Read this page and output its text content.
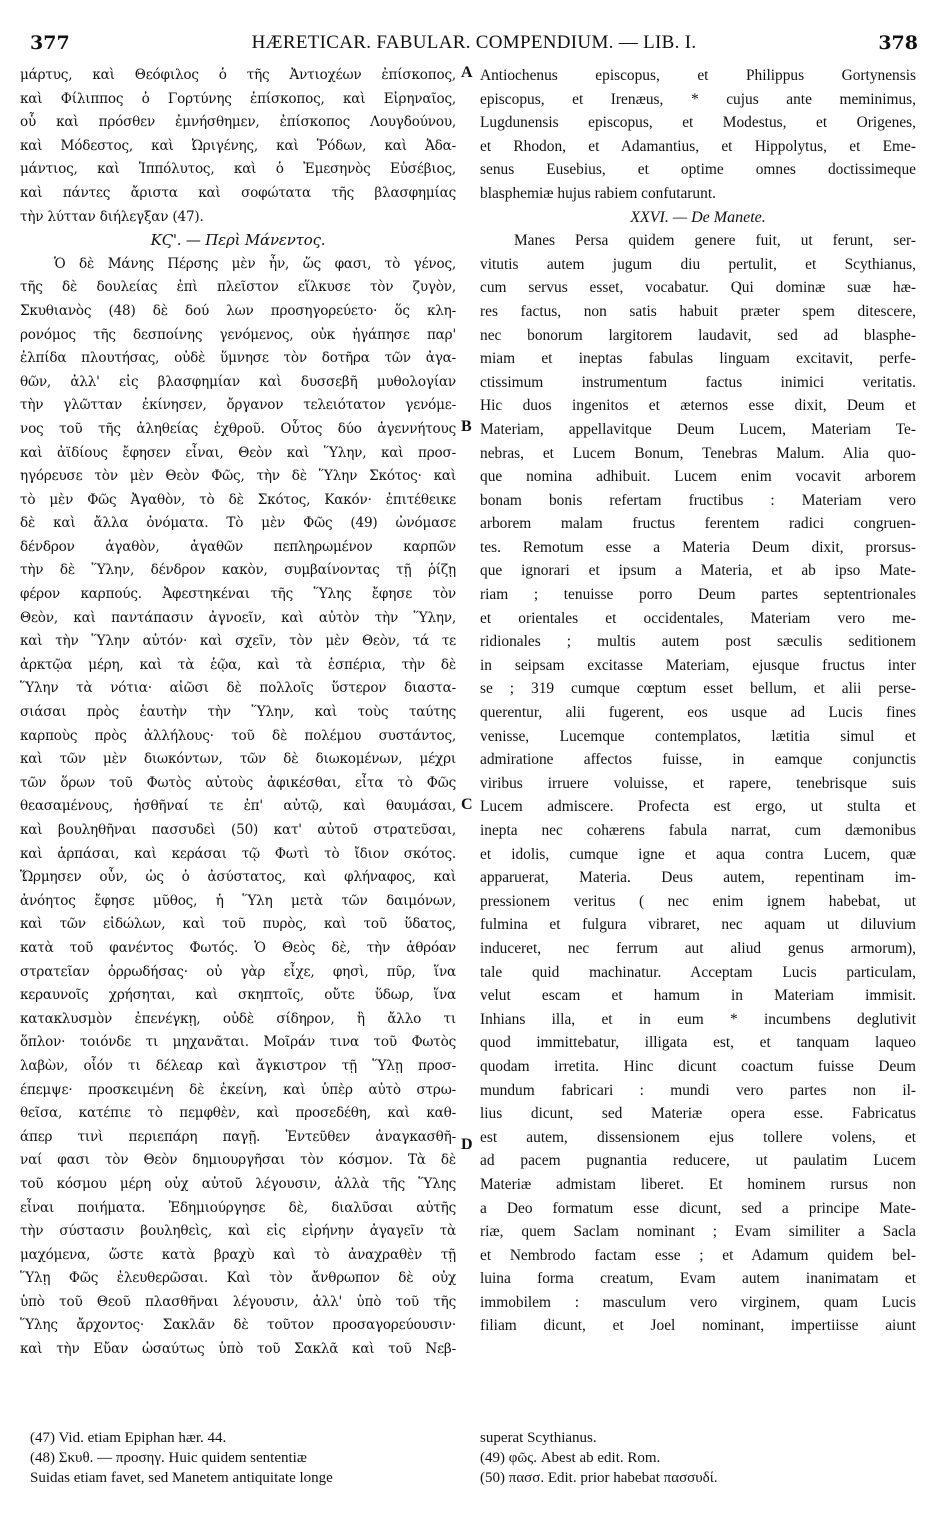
377	HÆRETICAR. FABULAR. COMPENDIUM. — LIB. I.	378
μάρτυς, καὶ Θεόφιλος ὁ τῆς Ἀντιοχέων ἐπίσκοπος,
καὶ Φίλιππος ὁ Γορτύνης ἐπίσκοπος, καὶ Εἰρηναῖος,
οὗ καὶ πρόσθεν ἐμνήσθημεν, ἐπίσκοπος Λουγδούνου,
καὶ Μόδεστος, καὶ Ὠριγένης, καὶ Ῥόδων, καὶ Ἀδα-
μάντιος, καὶ Ἱππόλυτος, καὶ ὁ Ἐμεσηνὸς Εὐσέβιος,
καὶ πάντες ἄριστα καὶ σοφώτατα τῆς βλασφημίας
τὴν λύτταν διήλεγξαν (47).
ΚϚ'. — Περὶ Μάνεντος.
Ὁ δὲ Μάνης Πέρσης μὲν ἦν, ὥς φασι, τὸ γένος,
τῆς δὲ δουλείας ἐπὶ πλεῖστον εἵλκυσε τὸν ζυγὸν,
Σκυθιανὸς (48) δὲ δού λων προσηγορεύετο· ὅς κλη-
ρονόμος τῆς δεσποίνης γενόμενος, οὐκ ἠγάπησε παρ'
ἐλπίδα πλουτήσας, οὐδὲ ὕμνησε τὸν δοτῆρα τῶν ἀγα-
θῶν, ἀλλ' εἰς βλασφημίαν καὶ δυσσεβῆ μυθολογίαν
τὴν γλῶτταν ἐκίνησεν, ὄργανον τελειότατον γενόμε-
νος τοῦ τῆς ἀληθείας ἐχθροῦ. Οὗτος δύο ἀγεννήτους
καὶ ἀϊδίους ἔφησεν εἶναι, Θεὸν καὶ Ὕλην, καὶ προσ-
ηγόρευσε τὸν μὲν Θεὸν Φῶς, τὴν δὲ Ὕλην Σκότος· καὶ
τὸ μὲν Φῶς Ἀγαθὸν, τὸ δὲ Σκότος, Κακόν· ἐπιτέθεικε
δὲ καὶ ἄλλα ὀνόματα. Τὸ μὲν Φῶς (49) ὠνόμασε
δένδρον ἀγαθὸν, ἀγαθῶν πεπληρωμένον καρπῶν
τὴν δὲ Ὕλην, δένδρον κακὸν, συμβαίνοντας τῇ ῥίζῃ
φέρον καρπούς. Ἀφεστηκέναι τῆς Ὕλης ἔφησε τὸν
Θεὸν, καὶ παντάπασιν ἀγνοεῖν, καὶ αὐτὸν τὴν Ὕλην,
καὶ τὴν Ὕλην αὐτόν· καὶ σχεῖν, τὸν μὲν Θεὸν, τά τε
ἀρκτῷα μέρη, καὶ τὰ ἑῷα, καὶ τὰ ἑσπέρια, τὴν δὲ
Ὕλην τὰ νότια· αἰῶσι δὲ πολλοῖς ὕστερον διαστα-
σιάσαι πρὸς ἑαυτὴν τὴν Ὕλην, καὶ τοὺς ταύτης
καρποὺς πρὸς ἀλλήλους· τοῦ δὲ πολέμου συστάντος,
καὶ τῶν μὲν διωκόντων, τῶν δὲ διωκομένων, μέχρι
τῶν ὅρων τοῦ Φωτὸς αὐτοὺς ἀφικέσθαι, εἶτα τὸ Φῶς
θεασαμένους, ἡσθῆναί τε ἐπ' αὐτῷ, καὶ θαυμάσαι,
καὶ βουληθῆναι πασσυδεὶ (50) κατ' αὐτοῦ στρατεῦσαι,
καὶ ἁρπάσαι, καὶ κεράσαι τῷ Φωτὶ τὸ ἴδιον σκότος.
Ὥρμησεν οὖν, ὡς ὁ ἀσύστατος, καὶ φλήναφος, καὶ
ἀνόητος ἔφησε μῦθος, ἡ Ὕλη μετὰ τῶν δαιμόνων,
καὶ τῶν εἰδώλων, καὶ τοῦ πυρὸς, καὶ τοῦ ὕδατος,
κατὰ τοῦ φανέντος Φωτός. Ὁ Θεὸς δὲ, τὴν ἀθρόαν
στρατεῖαν ὀρρωδήσας· οὐ γὰρ εἶχε, φησὶ, πῦρ, ἵνα
κεραυνοῖς χρήσηται, καὶ σκηπτοῖς, οὔτε ὕδωρ, ἵνα
κατακλυσμὸν ἐπενέγκῃ, οὐδὲ σίδηρον, ἢ ἄλλο τι
ὅπλον· τοιόνδε τι μηχανᾶται. Μοῖράν τινα τοῦ Φωτὸς
λαβὼν, οἷόν τι δέλεαρ καὶ ἄγκιστρον τῇ Ὕλῃ προσ-
έπεμψε· προσκειμένη δὲ ἐκείνη, καὶ ὑπὲρ αὐτὸ στρω-
θεῖσα, κατέπιε τὸ πεμφθὲν, καὶ προσεδέθη, καὶ καθ-
άπερ τινὶ περιεπάρη παγῇ. Ἐντεῦθεν ἀναγκασθῆ-
ναί φασι τὸν Θεὸν δημιουργῆσαι τὸν κόσμον. Τὰ δὲ
τοῦ κόσμου μέρη οὐχ αὐτοῦ λέγουσιν, ἀλλὰ τῆς Ὕλης
εἶναι ποιήματα. Ἐδημιούργησε δὲ, διαλῦσαι αὐτῆς
τὴν σύστασιν βουληθεὶς, καὶ εἰς εἰρήνην ἀγαγεῖν τὰ
μαχόμενα, ὥστε κατὰ βραχὺ καὶ τὸ ἀναχραθὲν τῇ
Ὕλῃ Φῶς ἐλευθερῶσαι. Καὶ τὸν ἄνθρωπον δὲ οὐχ
ὑπὸ τοῦ Θεοῦ πλασθῆναι λέγουσιν, ἀλλ' ὑπὸ τοῦ τῆς
Ὕλης ἄρχοντος· Σακλᾶν δὲ τοῦτον προσαγορεύουσιν·
καὶ τὴν Εὔαν ὡσαύτως ὑπὸ τοῦ Σακλᾶ καὶ τοῦ Νεβ-
Antiochenus episcopus, et Philippus Gortynensis
episcopus, et Irenæus, * cujus ante meminimus,
Lugdunensis episcopus, et Modestus, et Origenes,
et Rhodon, et Adamantius, et Hippolytus, et Eme-
senus Eusebius, et optime omnes doctissimeque
blasphemiæ hujus rabiem confutarunt.
XXVI. — De Manete.
Manes Persa quidem genere fuit, ut ferunt, ser-
vitutis autem jugum diu pertulit, et Scythianus,
cum servus esset, vocabatur. Qui dominæ suæ hæ-
res factus, non satis habuit præter spem ditescere,
nec bonorum largitorem laudavit, sed ad blasphe-
miam et ineptas fabulas linguam excitavit, perfe-
ctissimum instrumentum factus inimici veritatis.
Hic duos ingenitos et æternos esse dixit, Deum et
Materiam, appellavitque Deum Lucem, Materiam Te-
nebras, et Lucem Bonum, Tenebras Malum. Alia quo-
que nomina adhibuit. Lucem enim vocavit arborem
bonam bonis refertam fructibus : Materiam vero
arborem malam fructus ferentem radici congruen-
tes. Remotum esse a Materia Deum dixit, prorsus-
que ignorari et ipsum a Materia, et ab ipso Mate-
riam ; tenuisse porro Deum partes septentrionales
et orientales et occidentales, Materiam vero me-
ridionales ; multis autem post sæculis seditionem
in seipsam excitasse Materiam, ejusque fructus inter
se ; 319 cumque cœptum esset bellum, et alii perse-
querentur, alii fugerent, eos usque ad Lucis fines
venisse, Lucemque contemplatos, lætitia simul et
admiratione affectos fuisse, in eamque conjunctis
viribus irruere voluisse, et rapere, tenebrisque suis
Lucem admiscere. Profecta est ergo, ut stulta et
inepta nec cohærens fabula narrat, cum dæmonibus
et idolis, cumque igne et aqua contra Lucem, quæ
apparuerat, Materia. Deus autem, repentinam im-
pressionem veritus ( nec enim ignem habebat, ut
fulmina et fulgura vibraret, nec aquam ut diluvium
induceret, nec ferrum aut aliud genus armorum),
tale quid machinatur. Acceptam Lucis particulam,
velut escam et hamum in Materiam immisit.
Inhians illa, et in eum * incumbens deglutivit
quod immittebatur, illigata est, et tanquam laqueo
quodam irretita. Hinc dicunt coactum fuisse Deum
mundum fabricari : mundi vero partes non il-
lius dicunt, sed Materiæ opera esse. Fabricatus
est autem, dissensionem ejus tollere volens, et
ad pacem pugnantia reducere, ut paulatim Lucem
Materiæ admistam liberet. Et hominem rursus non
a Deo formatum esse dicunt, sed a principe Mate-
riæ, quem Saclam nominant ; Evam similiter a Sacla
et Nembrodo factam esse ; et Adamum quidem bel-
luina forma creatum, Evam autem inanimatam et
immobilem : masculum vero virginem, quam Lucis
filiam dicunt, et Joel nominant, impertiisse aiunt
A
B
C
D
(47) Vid. etiam Epiphan hær. 44.
(48) Σκυθ. — προσηγ. Huic quidem sententiæ
Suidas etiam favet, sed Manetem antiquitate longe
superat Scythianus.
(49) φῶς. Abest ab edit. Rom.
(50) πασσ. Edit. prior habebat πασσυδί.
